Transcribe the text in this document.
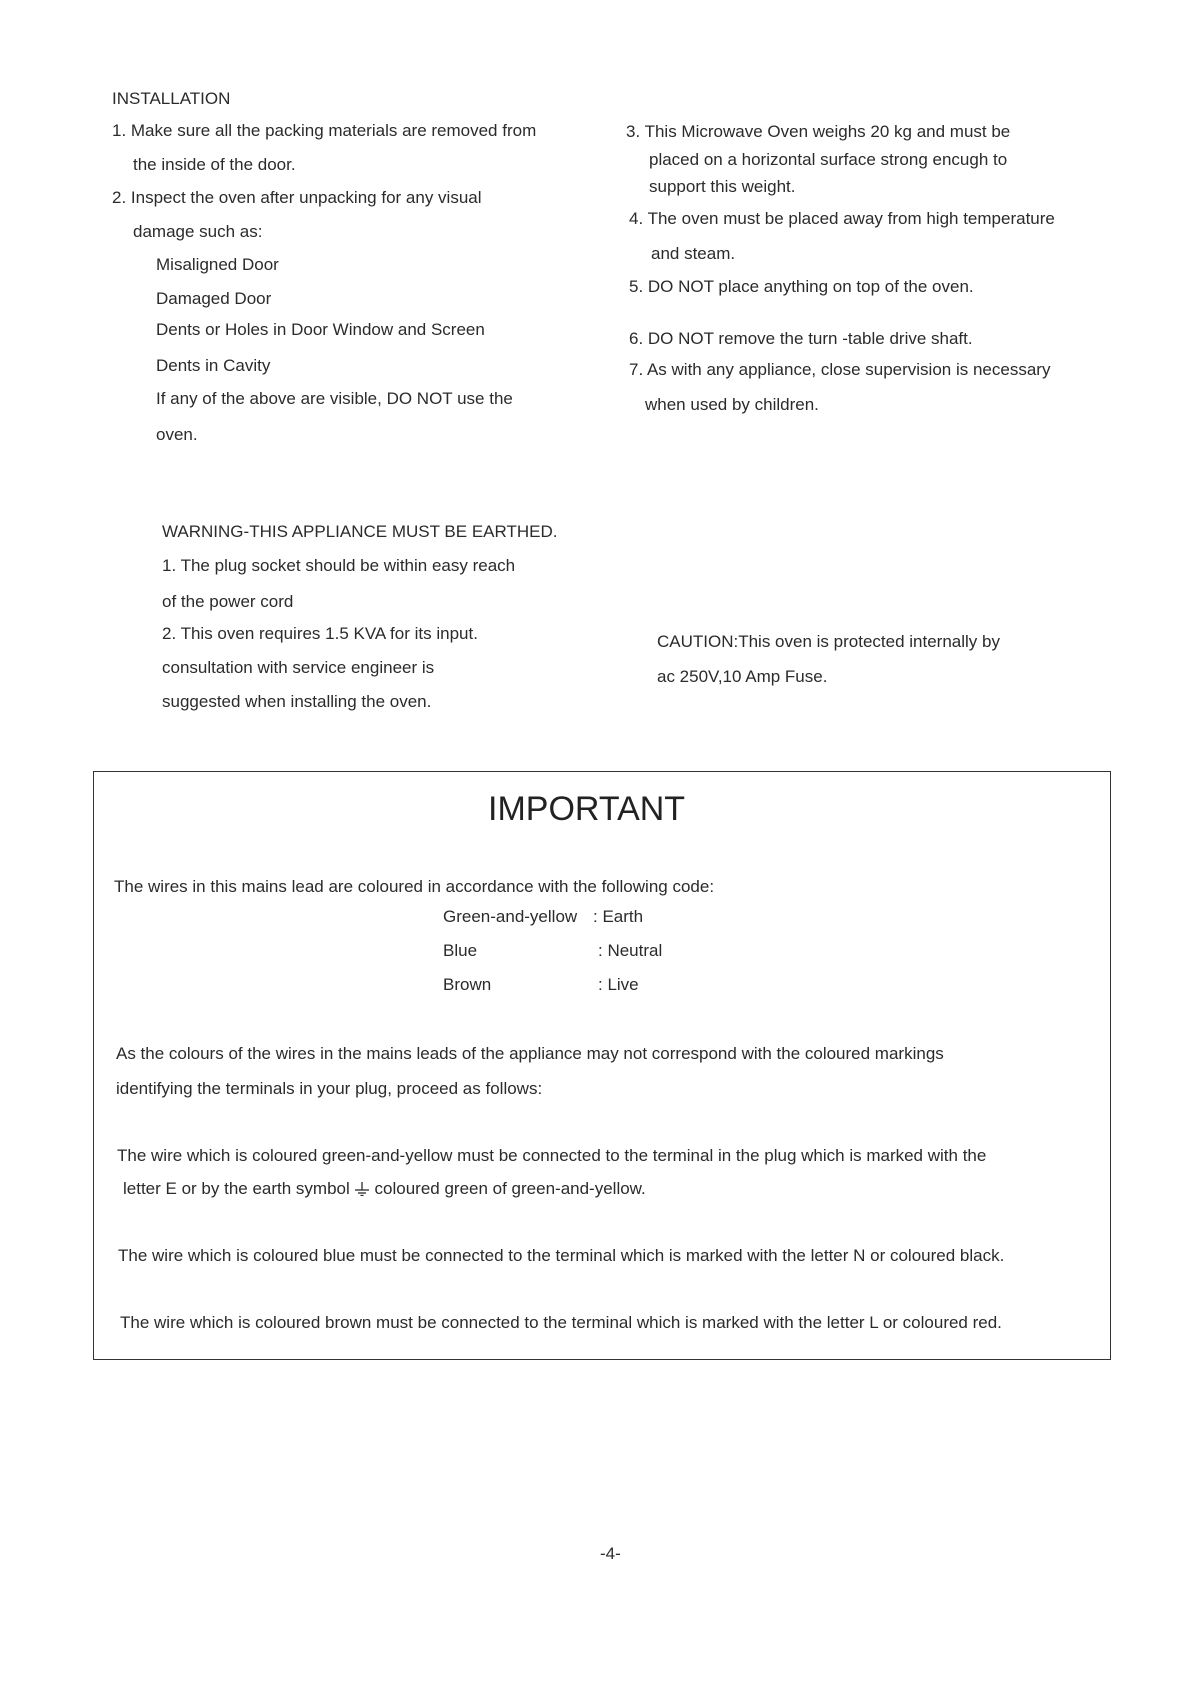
INSTALLATION
1. Make sure all the packing materials are removed from
the inside of the door.
2. Inspect the oven after unpacking for any visual
damage such as:
Misaligned Door
Damaged Door
Dents or Holes in Door Window and Screen
Dents in Cavity
If any of the above are visible, DO NOT use the
oven.
3. This Microwave Oven weighs 20 kg and must be
placed on a horizontal surface strong encugh to
support this weight.
4. The oven must be placed away from high temperature
and steam.
5. DO NOT place anything on top of the oven.
6. DO NOT remove the turn -table drive shaft.
7. As with any appliance, close supervision is necessary
when used by children.
WARNING-THIS APPLIANCE MUST BE EARTHED.
1. The plug socket should be within easy reach
of the power cord
2. This oven requires 1.5 KVA for its input.
consultation with service engineer is
suggested when installing the oven.
CAUTION:This oven is protected internally by
ac 250V,10 Amp Fuse.
IMPORTANT
The wires in this mains lead are coloured in accordance with the following code:
Green-and-yellow : Earth
Blue	: Neutral
Brown	: Live
As the colours of the wires in the mains leads of the appliance may not correspond with the coloured markings
identifying the terminals in your plug, proceed as follows:
The wire which is coloured green-and-yellow must be connected to the terminal in the plug which is marked with the
letter E or by the earth symbol coloured green of green-and-yellow.
The wire which is coloured blue must be connected to the terminal which is marked with the letter N or coloured black.
The wire which is coloured brown must be connected to the terminal which is marked with the letter L or coloured red.
-4-
